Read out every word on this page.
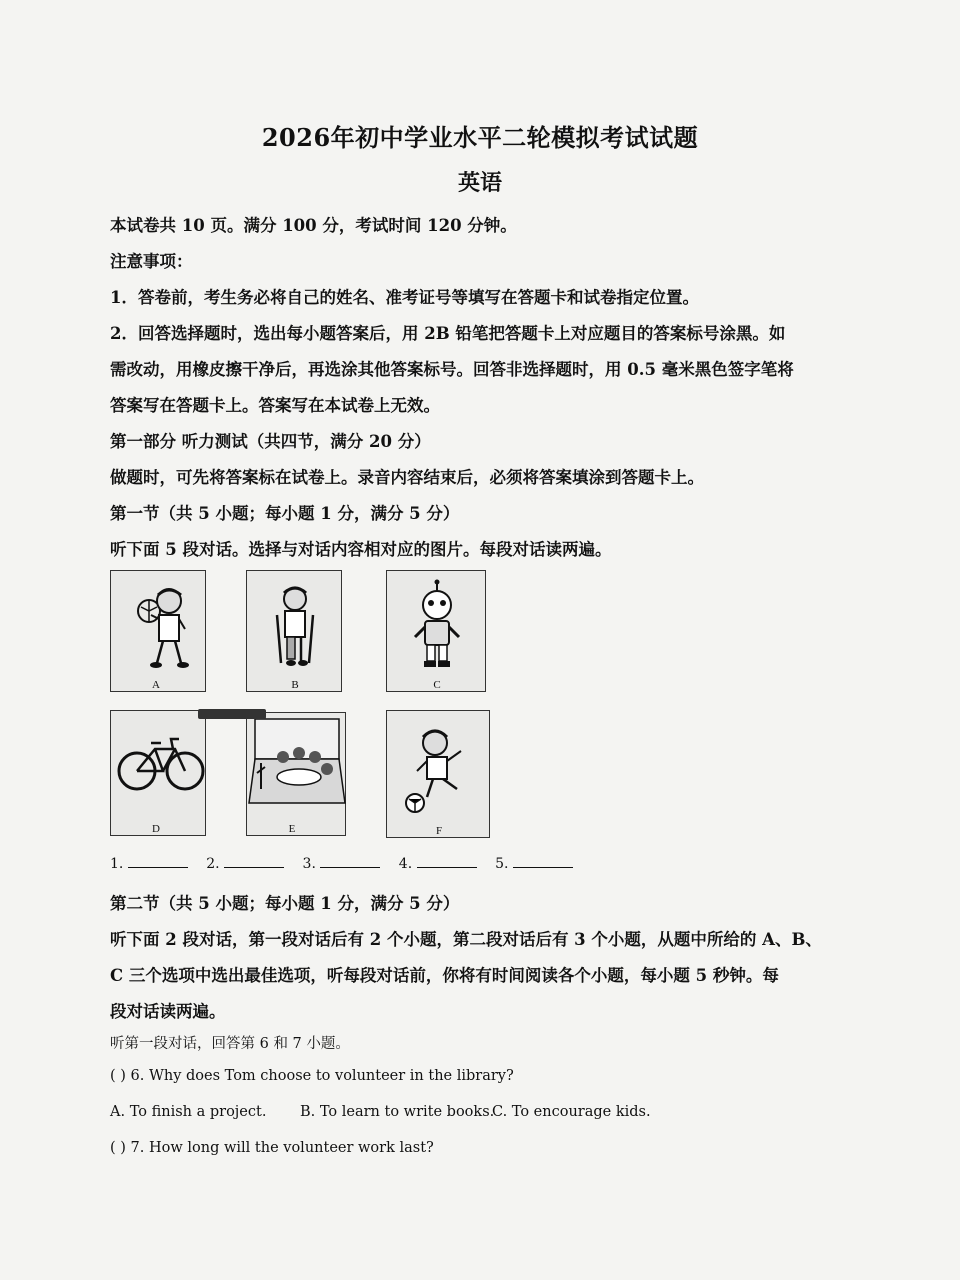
2026年初中学业水平二轮模拟考试试题
英语
本试卷共 10 页。满分 100 分，考试时间 120 分钟。
注意事项：
1．答卷前，考生务必将自己的姓名、准考证号等填写在答题卡和试卷指定位置。
2．回答选择题时，选出每小题答案后，用 2B 铅笔把答题卡上对应题目的答案标号涂黑。如
需改动，用橡皮擦干净后，再选涂其他答案标号。回答非选择题时，用 0.5 毫米黑色签字笔将
答案写在答题卡上。答案写在本试卷上无效。
第一部分 听力测试（共四节，满分 20 分）
做题时，可先将答案标在试卷上。录音内容结束后，必须将答案填涂到答题卡上。
第一节（共 5 小题；每小题 1 分，满分 5 分）
听下面 5 段对话。选择与对话内容相对应的图片。每段对话读两遍。
A	B	C
D	E	F
1.	2.	3.	4.	5.
第二节（共 5 小题；每小题 1 分，满分 5 分）
听下面 2 段对话，第一段对话后有 2 个小题，第二段对话后有 3 个小题，从题中所给的 A、B、
C 三个选项中选出最佳选项，听每段对话前，你将有时间阅读各个小题，每小题 5 秒钟。每
段对话读两遍。
听第一段对话，回答第 6 和 7 小题。
( ) 6. Why does Tom choose to volunteer in the library?
A. To finish a project. B. To learn to write books.
C. To encourage kids.
( ) 7. How long will the volunteer work last?
